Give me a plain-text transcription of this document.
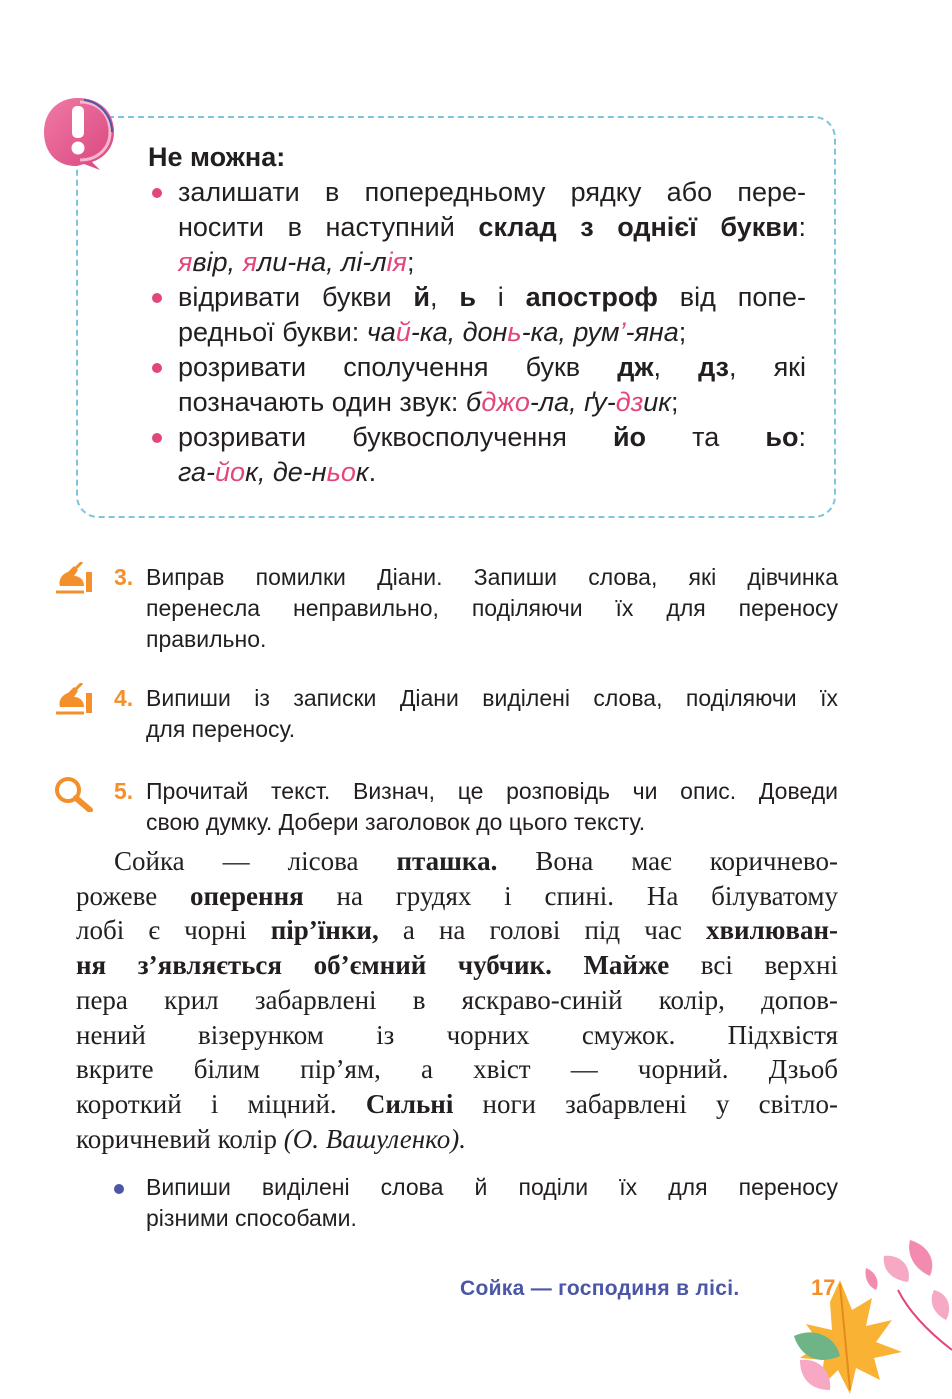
Не можна:
залишати в попередньому рядку або пере-
носити в наступний склад з однієї букви:
явір, яли-на, лі-лія;
відривати букви й, ь і апостроф від попе-
редньої букви: чай-ка, донь-ка, рум’-яна;
розривати сполучення букв дж, дз, які
позначають один звук: бджо-ла, ґу-дзик;
розривати буквосполучення йо та ьо:
га-йок, де-ньок.
3. Виправ помилки Діани. Запиши слова, які дівчинка
перенесла неправильно, поділяючи їх для переносу
правильно.
4. Випиши із записки Діани виділені слова, поділяючи їх
для переносу.
5. Прочитай текст. Визнач, це розповідь чи опис. Доведи
свою думку. Добери заголовок до цього тексту.
Сойка — лісова пташка. Вона має коричнево-
рожеве оперення на грудях і спині. На білуватому
лобі є чорні пір’їнки, а на голові під час хвилюван-
ня з’являється об’ємний чубчик. Майже всі верхні
пера крил забарвлені в яскраво-синій колір, допов-
нений візерунком із чорних смужок. Підхвістя
вкрите білим пір’ям, а хвіст — чорний. Дзьоб
короткий і міцний. Сильні ноги забарвлені у світло-
коричневий колір (О. Вашуленко).
Випиши виділені слова й поділи їх для переносу
різними способами.
Сойка — господиня в лісі.	17
